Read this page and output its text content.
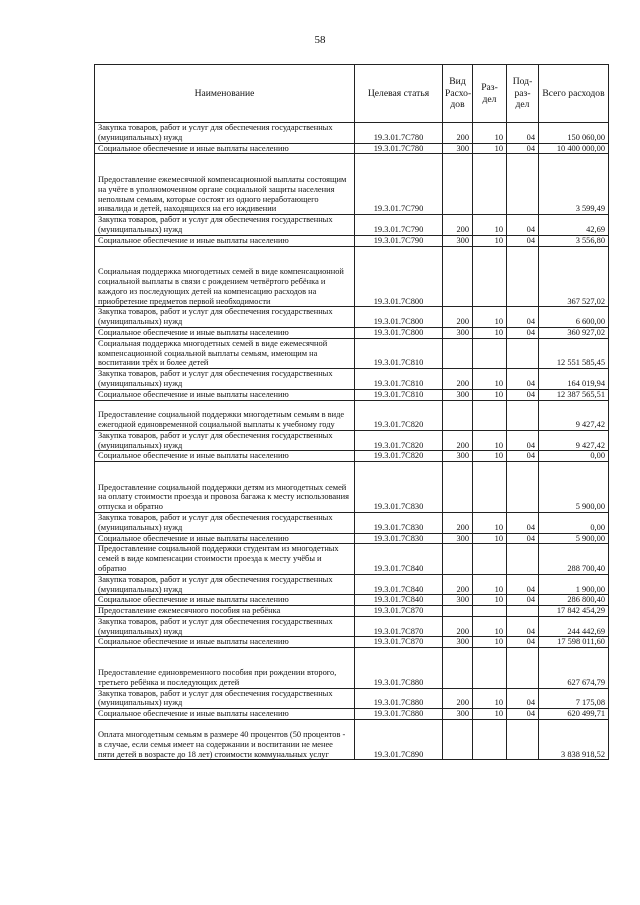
58
Наименование	Целевая статья	Вид Расхо- дов	Раз- дел	Под- раз- дел	Всего расходов
Закупка товаров, работ и услуг для обеспечения государственных (муниципальных) нужд	19.3.01.7С780	200	10	04	150 060,00
Социальное обеспечение и иные выплаты населению	19.3.01.7С780	300	10	04	10 400 000,00
Предоставление ежемесячной компенсационной выплаты состоящим на учёте в уполномоченном органе социальной защиты населения неполным семьям, которые состоят из одного неработающего инвалида и детей, находящихся на его иждивении	19.3.01.7С790				3 599,49
Закупка товаров, работ и услуг для обеспечения государственных (муниципальных) нужд	19.3.01.7С790	200	10	04	42,69
Социальное обеспечение и иные выплаты населению	19.3.01.7С790	300	10	04	3 556,80
Социальная поддержка многодетных семей в виде компенсационной социальной выплаты в связи с рождением четвёртого ребёнка и каждого из последующих детей на компенсацию расходов на приобретение предметов первой необходимости	19.3.01.7С800				367 527,02
Закупка товаров, работ и услуг для обеспечения государственных (муниципальных) нужд	19.3.01.7С800	200	10	04	6 600,00
Социальное обеспечение и иные выплаты населению	19.3.01.7С800	300	10	04	360 927,02
Социальная поддержка многодетных семей в виде ежемесячной компенсационной социальной выплаты семьям, имеющим на воспитании трёх и более детей	19.3.01.7С810				12 551 585,45
Закупка товаров, работ и услуг для обеспечения государственных (муниципальных) нужд	19.3.01.7С810	200	10	04	164 019,94
Социальное обеспечение и иные выплаты населению	19.3.01.7С810	300	10	04	12 387 565,51
Предоставление социальной поддержки многодетным семьям в виде ежегодной единовременной социальной выплаты к учебному году	19.3.01.7С820				9 427,42
Закупка товаров, работ и услуг для обеспечения государственных (муниципальных) нужд	19.3.01.7С820	200	10	04	9 427,42
Социальное обеспечение и иные выплаты населению	19.3.01.7С820	300	10	04	0,00
Предоставление социальной поддержки детям из многодетных семей на оплату стоимости проезда и провоза багажа к месту использования отпуска и обратно	19.3.01.7С830				5 900,00
Закупка товаров, работ и услуг для обеспечения государственных (муниципальных) нужд	19.3.01.7С830	200	10	04	0,00
Социальное обеспечение и иные выплаты населению	19.3.01.7С830	300	10	04	5 900,00
Предоставление социальной поддержки студентам из многодетных семей в виде компенсации стоимости проезда к месту учёбы и обратно	19.3.01.7С840				288 700,40
Закупка товаров, работ и услуг для обеспечения государственных (муниципальных) нужд	19.3.01.7С840	200	10	04	1 900,00
Социальное обеспечение и иные выплаты населению	19.3.01.7С840	300	10	04	286 800,40
Предоставление ежемесячного пособия на ребёнка	19.3.01.7С870				17 842 454,29
Закупка товаров, работ и услуг для обеспечения государственных (муниципальных) нужд	19.3.01.7С870	200	10	04	244 442,69
Социальное обеспечение и иные выплаты населению	19.3.01.7С870	300	10	04	17 598 011,60
Предоставление единовременного пособия при рождении второго, третьего ребёнка и последующих детей	19.3.01.7С880				627 674,79
Закупка товаров, работ и услуг для обеспечения государственных (муниципальных) нужд	19.3.01.7С880	200	10	04	7 175,08
Социальное обеспечение и иные выплаты населению	19.3.01.7С880	300	10	04	620 499,71
Оплата многодетным семьям в размере 40 процентов (50 процентов - в случае, если семья имеет на содержании и воспитании не менее пяти детей в возрасте до 18 лет) стоимости коммунальных услуг	19.3.01.7С890				3 838 918,52
